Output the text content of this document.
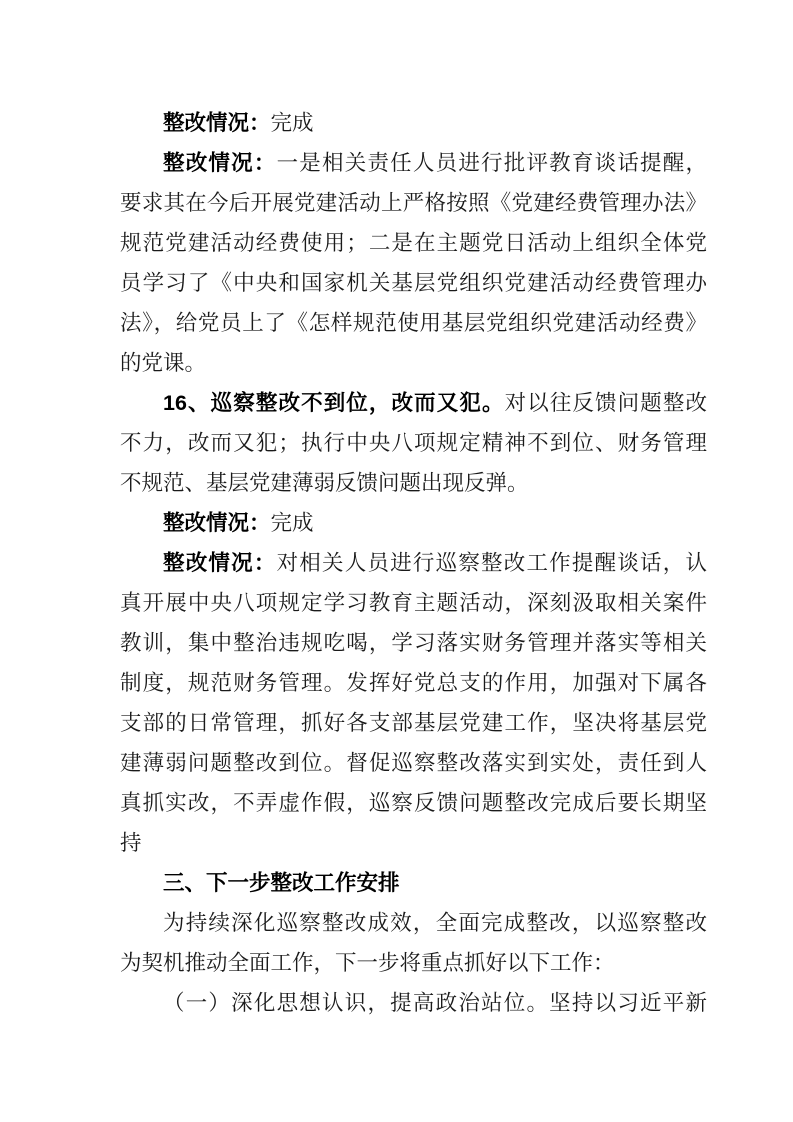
整改情况：完成
整改情况：一是相关责任人员进行批评教育谈话提醒，
要求其在今后开展党建活动上严格按照《党建经费管理办法》
规范党建活动经费使用；二是在主题党日活动上组织全体党
员学习了《中央和国家机关基层党组织党建活动经费管理办
法》，给党员上了《怎样规范使用基层党组织党建活动经费》
的党课。
16、巡察整改不到位，改而又犯。对以往反馈问题整改
不力，改而又犯；执行中央八项规定精神不到位、财务管理
不规范、基层党建薄弱反馈问题出现反弹。
整改情况：完成
整改情况：对相关人员进行巡察整改工作提醒谈话，认
真开展中央八项规定学习教育主题活动，深刻汲取相关案件
教训，集中整治违规吃喝，学习落实财务管理并落实等相关
制度，规范财务管理。发挥好党总支的作用，加强对下属各
支部的日常管理，抓好各支部基层党建工作，坚决将基层党
建薄弱问题整改到位。督促巡察整改落实到实处，责任到人
真抓实改，不弄虚作假，巡察反馈问题整改完成后要长期坚
持
三、下一步整改工作安排
为持续深化巡察整改成效，全面完成整改，以巡察整改
为契机推动全面工作，下一步将重点抓好以下工作：
（一）深化思想认识，提高政治站位。坚持以习近平新
